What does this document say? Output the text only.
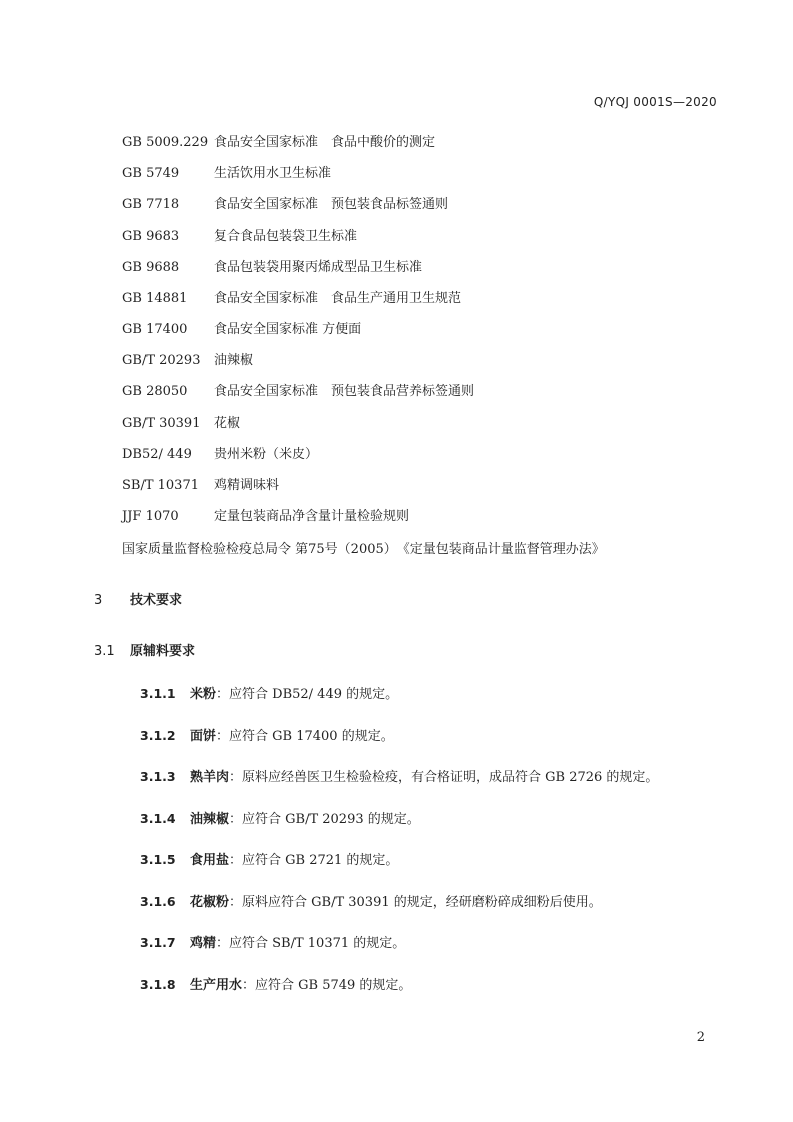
Q/YQJ 0001S—2020
GB 5009.229 食品安全国家标准　食品中酸价的测定
GB 5749	生活饮用水卫生标准
GB 7718	食品安全国家标准　预包装食品标签通则
GB 9683	复合食品包装袋卫生标准
GB 9688	食品包装袋用聚丙烯成型品卫生标准
GB 14881	食品安全国家标准　食品生产通用卫生规范
GB 17400	食品安全国家标准 方便面
GB/T 20293	油辣椒
GB 28050	食品安全国家标准　预包装食品营养标签通则
GB/T 30391	花椒
DB52/ 449	贵州米粉（米皮）
SB/T 10371	鸡精调味料
JJF 1070	定量包装商品净含量计量检验规则
国家质量监督检验检疫总局令 第75号（2005）　《定量包装商品计量监督管理办法》
3 技术要求
3.1 原辅料要求
3.1.1 米粉：应符合 DB52/ 449 的规定。
3.1.2 面饼：应符合 GB 17400 的规定。
3.1.3 熟羊肉：原料应经兽医卫生检验检疫，有合格证明，成品符合 GB 2726 的规定。
3.1.4 油辣椒：应符合 GB/T 20293 的规定。
3.1.5 食用盐：应符合 GB 2721 的规定。
3.1.6 花椒粉：原料应符合 GB/T 30391 的规定，经研磨粉碎成细粉后使用。
3.1.7 鸡精：应符合 SB/T 10371 的规定。
3.1.8 生产用水：应符合 GB 5749 的规定。
2
